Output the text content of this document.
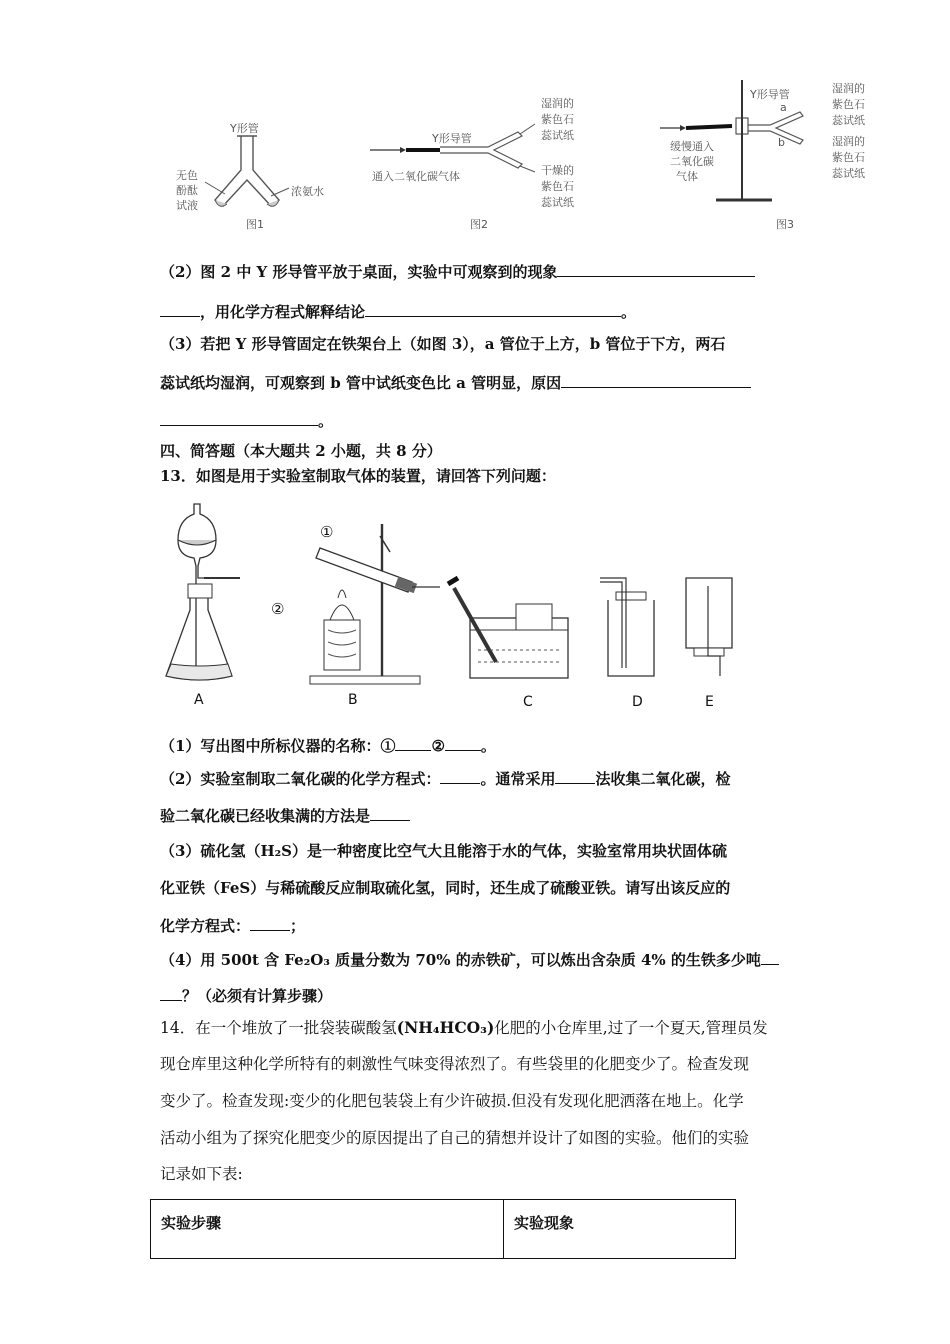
Y形管
无色
酚酞
试液
浓氨水
图1
Y形导管
湿润的
紫色石
蕊试纸
干燥的
紫色石
蕊试纸
通入二氧化碳气体
图2
Y形导管
a
b
缓慢通入
二氧化碳
气体
湿润的
紫色石
蕊试纸
湿润的
紫色石
蕊试纸
图3
（2）图 2 中 Y 形导管平放于桌面，实验中可观察到的现象
，用化学方程式解释结论	。
（3）若把 Y 形导管固定在铁架台上（如图 3），a 管位于上方，b 管位于下方，两石
蕊试纸均湿润，可观察到 b 管中试纸变色比 a 管明显，原因
。
四、简答题（本大题共 2 小题，共 8 分）
13．如图是用于实验室制取气体的装置，请回答下列问题：
A	B	C	D	E
①
②
（1）写出图中所标仪器的名称：① ② 。
（2）实验室制取二氧化碳的化学方程式：	。通常采用	法收集二氧化碳，检
验二氧化碳已经收集满的方法是
（3）硫化氢（H₂S）是一种密度比空气大且能溶于水的气体，实验室常用块状固体硫
化亚铁（FeS）与稀硫酸反应制取硫化氢，同时，还生成了硫酸亚铁。请写出该反应的
化学方程式：	；
（4）用 500t 含 Fe₂O₃ 质量分数为 70% 的赤铁矿，可以炼出含杂质 4% 的生铁多少吨
？（必须有计算步骤）
14．在一个堆放了一批袋装碳酸氢(NH₄HCO₃)化肥的小仓库里,过了一个夏天,管理员发
现仓库里这种化学所特有的刺激性气味变得浓烈了。有些袋里的化肥变少了。检查发现
变少了。检查发现:变少的化肥包装袋上有少许破损.但没有发现化肥洒落在地上。化学
活动小组为了探究化肥变少的原因提出了自己的猜想并设计了如图的实验。他们的实验
记录如下表:
实验步骤	实验现象
